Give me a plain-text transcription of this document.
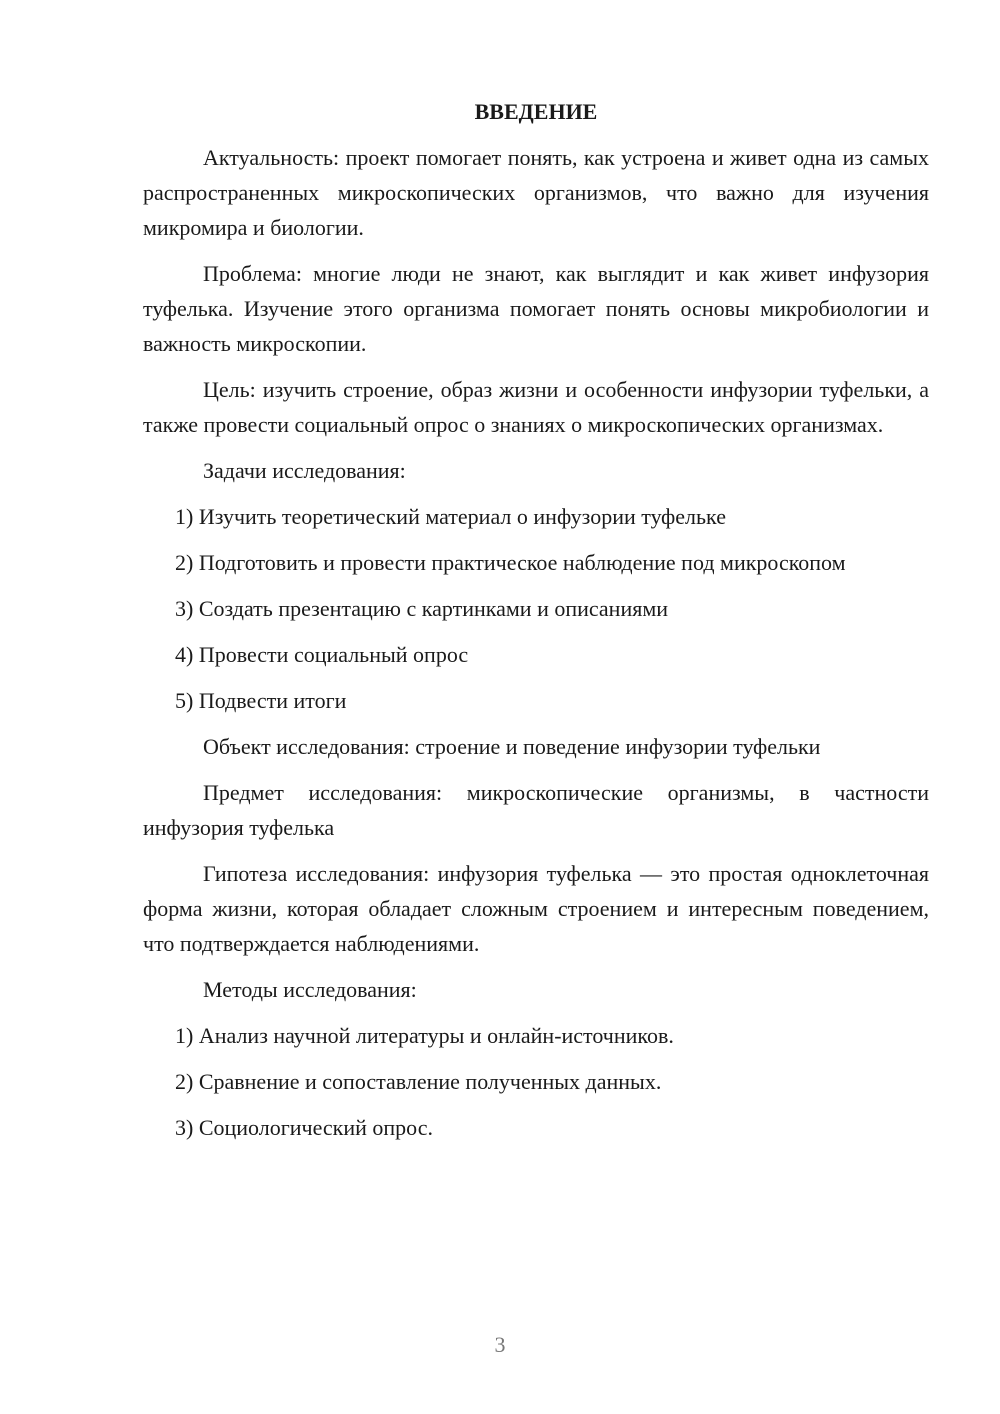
ВВЕДЕНИЕ

Актуальность: проект помогает понять, как устроена и живет одна из самых распространенных микроскопических организмов, что важно для изучения микромира и биологии.

Проблема: многие люди не знают, как выглядит и как живет инфузория туфелька. Изучение этого организма помогает понять основы микробиологии и важность микроскопии.

Цель: изучить строение, образ жизни и особенности инфузории туфельки, а также провести социальный опрос о знаниях о микроскопических организмах.

Задачи исследования:

1) Изучить теоретический материал о инфузории туфельке

2) Подготовить и провести практическое наблюдение под микроскопом

3) Создать презентацию с картинками и описаниями

4) Провести социальный опрос

5) Подвести итоги

Объект исследования: строение и поведение инфузории туфельки

Предмет исследования: микроскопические организмы, в частности инфузория туфелька

Гипотеза исследования: инфузория туфелька — это простая одноклеточная форма жизни, которая обладает сложным строением и интересным поведением, что подтверждается наблюдениями.

Методы исследования:

1) Анализ научной литературы и онлайн-источников.

2) Сравнение и сопоставление полученных данных.

3) Социологический опрос.

3
